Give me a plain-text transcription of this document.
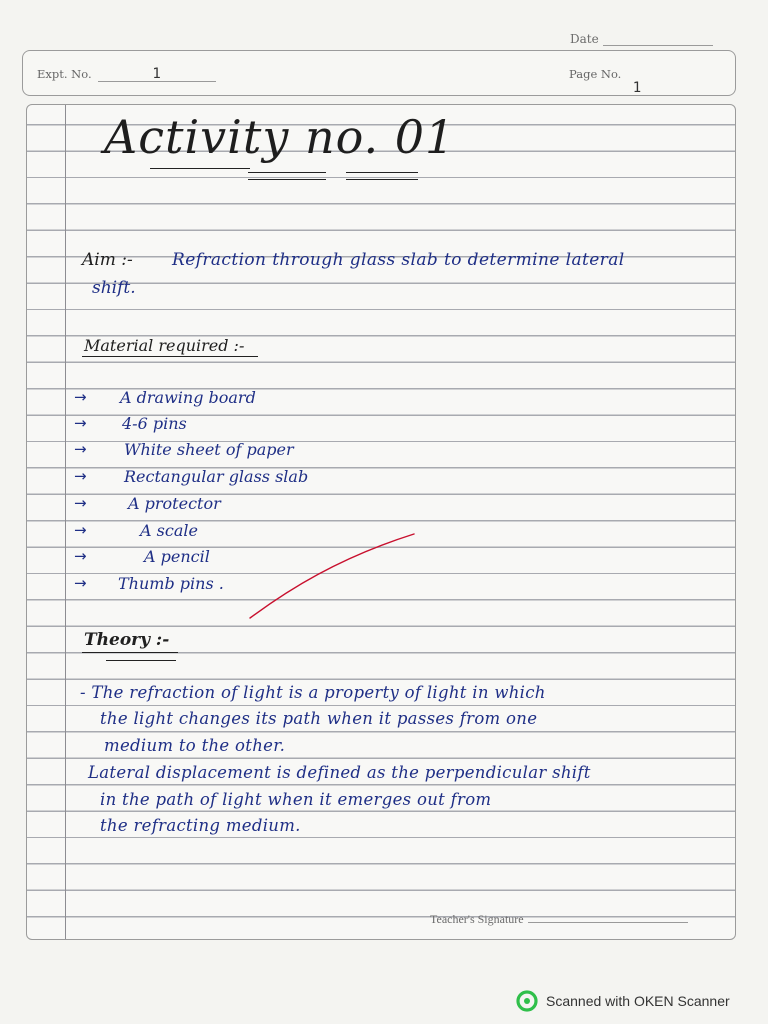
Date
Expt. No.	1	Page No.1
Activity no. 01
Aim :- Refraction through glass slab to determine lateral
shift.
Material required :-
→ A drawing board
→ 4-6 pins
→ White sheet of paper
→ Rectangular glass slab
→	A protector
→	A scale
→	A pencil
→ Thumb pins .
Theory :-
- The refraction of light is a property of light in which
the light changes its path when it passes from one
medium to the other.
Lateral displacement is defined as the perpendicular shift
in the path of light when it emerges out from
the refracting medium.
Teacher's Signature
Scanned with OKEN Scanner
